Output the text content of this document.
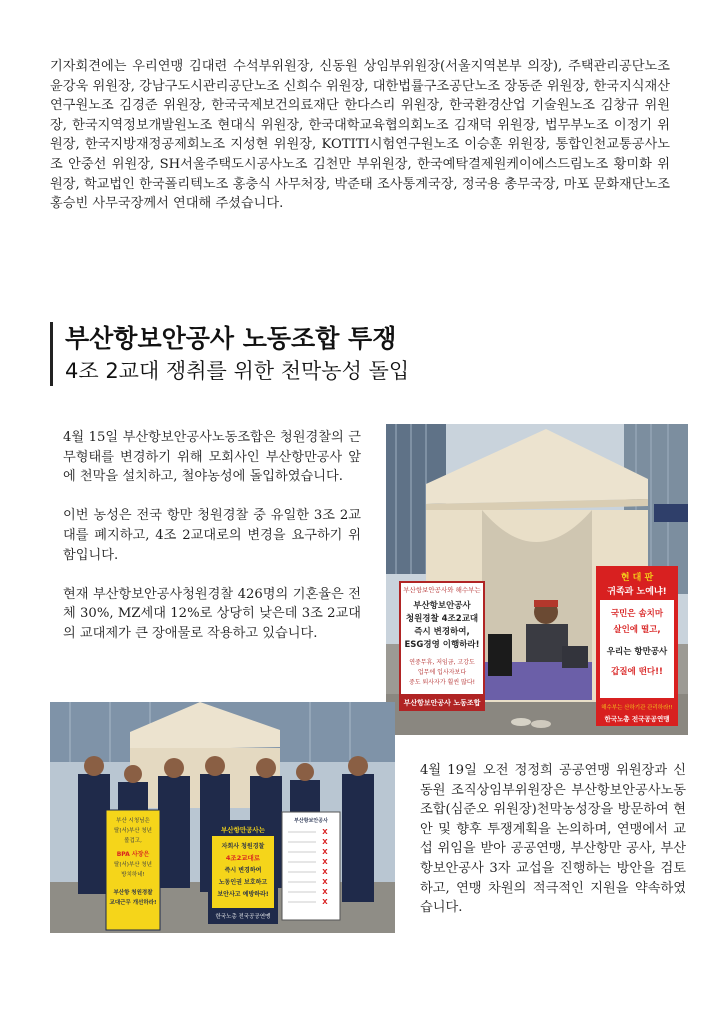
기자회견에는 우리연맹 김대련 수석부위원장, 신동원 상임부위원장(서울지역본부 의장), 주택관리공단노조 윤강욱 위원장, 강남구도시관리공단노조 신희수 위원장, 대한법률구조공단노조 장동준 위원장, 한국지식재산연구원노조 김경준 위원장, 한국국제보건의료재단 한다스리 위원장, 한국환경산업 기술원노조 김창규 위원장, 한국지역정보개발원노조 현대식 위원장, 한국대학교육협의회노조 김재덕 위원장, 법무부노조 이정기 위원장, 한국지방재정공제회노조 지성현 위원장, KOTITI시험연구원노조 이승훈 위원장, 통합인천교통공사노조 안중선 위원장, SH서울주택도시공사노조 김천만 부위원장, 한국예탁결제원케이에스드림노조 황미화 위원장, 학교법인 한국폴리텍노조 홍충식 사무처장, 박준태 조사통계국장, 정국용 총무국장, 마포 문화재단노조 홍승빈 사무국장께서 연대해 주셨습니다.

부산항보안공사 노동조합 투쟁

4조 2교대 쟁취를 위한 천막농성 돌입

4월 15일 부산항보안공사노동조합은 청원경찰의 근무형태를 변경하기 위해 모회사인 부산항만공사 앞에 천막을 설치하고, 철야농성에 돌입하였습니다.

이번 농성은 전국 항만 청원경찰 중 유일한 3조 2교대를 폐지하고, 4조 2교대로의 변경을 요구하기 위함입니다.

현재 부산항보안공사청원경찰 426명의 기혼율은 전체 30%, MZ세대 12%로 상당히 낮은데 3조 2교대의 교대제가 큰 장애물로 작용하고 있습니다.

4월 19일 오전 정정희 공공연맹 위원장과 신동원 조직상임부위원장은 부산항보안공사노동조합(심준오 위원장)천막농성장을 방문하여 현안 및 향후 투쟁계획을 논의하며, 연맹에서 교섭 위임을 받아 공공연맹, 부산항만 공사, 부산항보안공사 3자 교섭을 진행하는 방안을 검토하고, 연맹 차원의 적극적인 지원을 약속하였습니다.

부산항보안공사와 해수부는
부산항보안공사
청원경찰 4조2교대
즉시 변경하여,
ESG경영 이행하라!
연중무휴, 저임금, 고강도
업무에 입사자보다
중도 퇴사자가 훨씬 많다!
부산항보안공사 노동조합
현 대 판
귀족과 노예냐!
국민은 솜치마
살인에 떨고,
우리는 항만공사
갑질에 떤다!!
해수부는 산하기관 관리하라!!
한국노총 전국공공연맹
부산 시청님은
탈(서)부산 청년
볼겁고,
BPA 사장은
탈(서)부산 청년
방치하네!
부산항 청원경찰
교대근무 개선하라!
부산항만공사는
자회사 청원경찰
4조2교대로
즉시 변경하여
노동인권 보호하고
보안사고 예방하라!
한국노총 전국공공연맹
부산항보안공사
X
X
X
X
X
X
X
X
